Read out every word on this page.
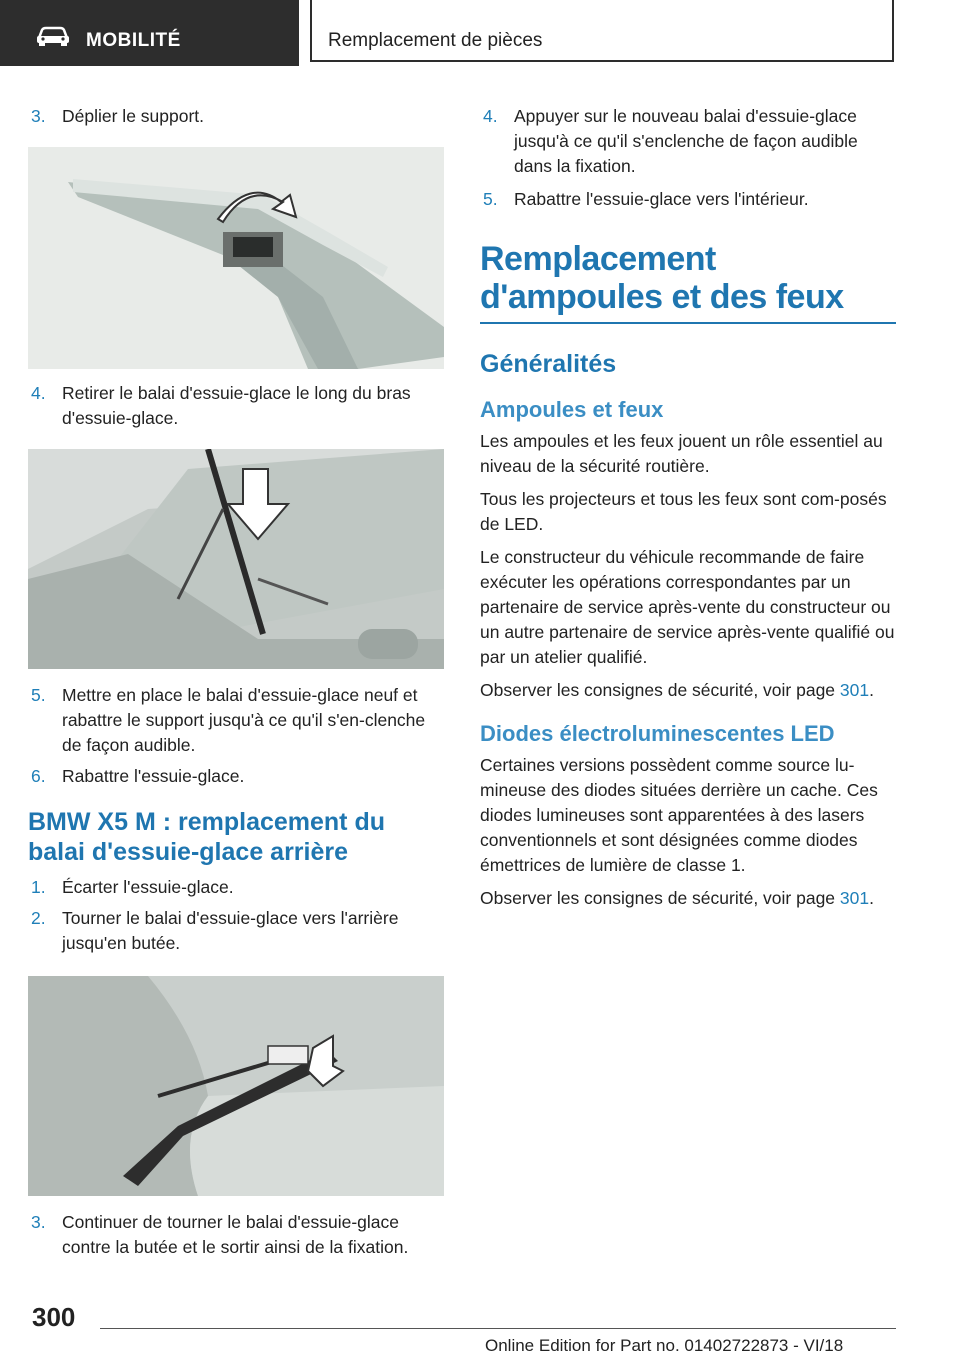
MOBILITÉ	Remplacement de pièces
3. Déplier le support.
4. Retirer le balai d'essuie-glace le long du bras d'essuie-glace.
5. Mettre en place le balai d'essuie-glace neuf et rabattre le support jusqu'à ce qu'il s'en-clenche de façon audible.
6. Rabattre l'essuie-glace.
BMW X5 M : remplacement du balai d'essuie-glace arrière
1. Écarter l'essuie-glace.
2. Tourner le balai d'essuie-glace vers l'arrière jusqu'en butée.
3. Continuer de tourner le balai d'essuie-glace contre la butée et le sortir ainsi de la fixation.
4. Appuyer sur le nouveau balai d'essuie-glace jusqu'à ce qu'il s'enclenche de façon audible dans la fixation.
5. Rabattre l'essuie-glace vers l'intérieur.
Remplacement d'ampoules et des feux
Généralités
Ampoules et feux
Les ampoules et les feux jouent un rôle essentiel au niveau de la sécurité routière.
Tous les projecteurs et tous les feux sont com-posés de LED.
Le constructeur du véhicule recommande de faire exécuter les opérations correspondantes par un partenaire de service après-vente du constructeur ou un autre partenaire de service après-vente qualifié ou par un atelier qualifié.
Observer les consignes de sécurité, voir page 301.
Diodes électroluminescentes LED
Certaines versions possèdent comme source lu-mineuse des diodes situées derrière un cache. Ces diodes lumineuses sont apparentées à des lasers conventionnels et sont désignées comme diodes émettrices de lumière de classe 1.
Observer les consignes de sécurité, voir page 301.
300
Online Edition for Part no. 01402722873 - VI/18
